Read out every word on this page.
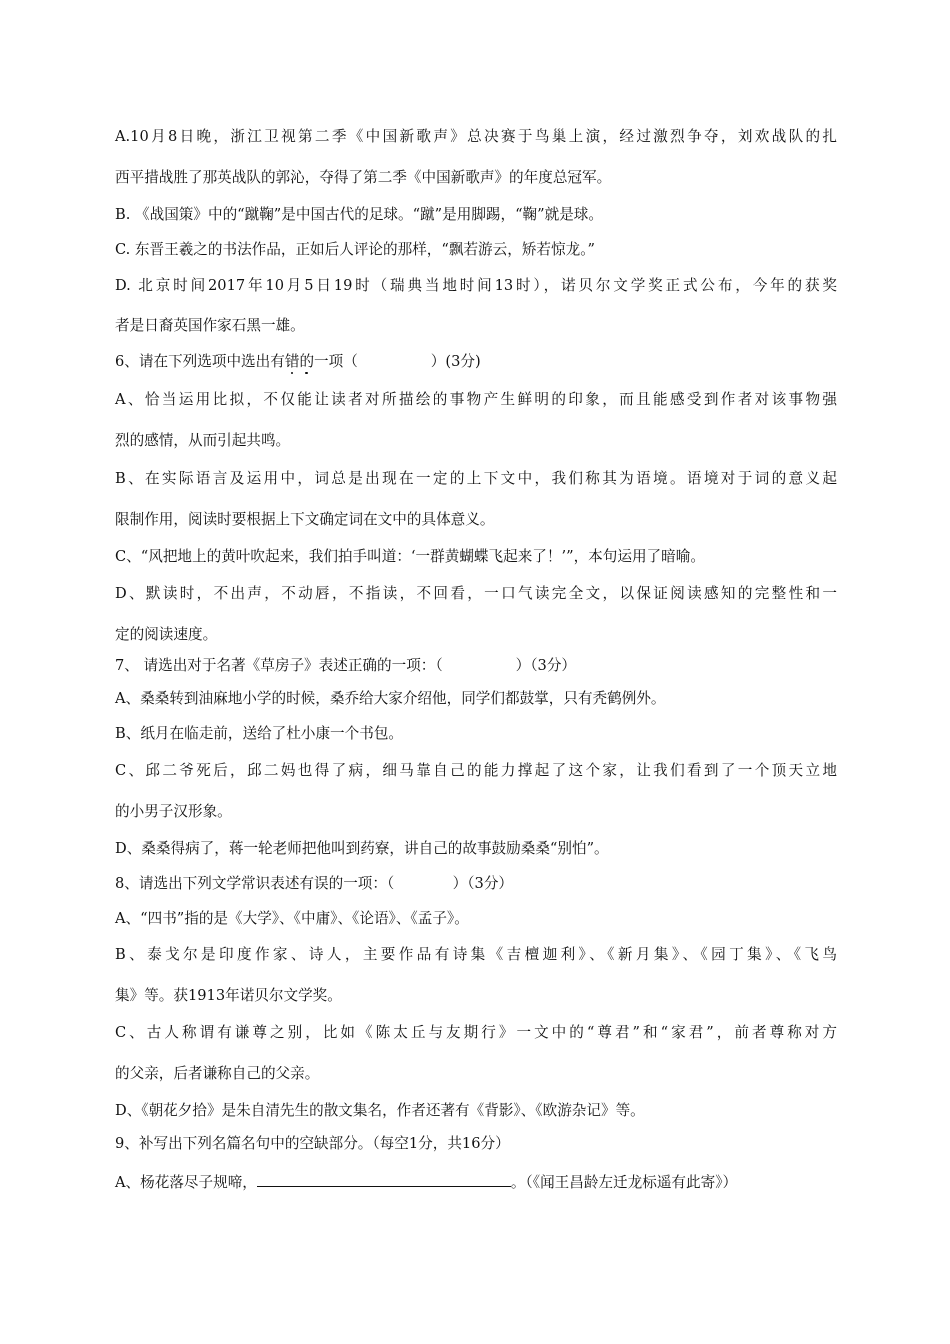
A.10月8日晚，浙江卫视第二季《中国新歌声》总决赛于鸟巢上演，经过激烈争夺，刘欢战队的扎
西平措战胜了那英战队的郭沁，夺得了第二季《中国新歌声》的年度总冠军。
B. 《战国策》中的“蹴鞠”是中国古代的足球。“蹴”是用脚踢，“鞠”就是球。
C. 东晋王羲之的书法作品，正如后人评论的那样，“飘若游云，矫若惊龙。”
D. 北京时间2017年10月5日19时（瑞典当地时间13时），诺贝尔文学奖正式公布，今年的获奖
者是日裔英国作家石黑一雄。
6、请在下列选项中选出有错的一项（　　　　　）(3分)
A、恰当运用比拟，不仅能让读者对所描绘的事物产生鲜明的印象，而且能感受到作者对该事物强
烈的感情，从而引起共鸣。
B、在实际语言及运用中，词总是出现在一定的上下文中，我们称其为语境。语境对于词的意义起
限制作用，阅读时要根据上下文确定词在文中的具体意义。
C、“风把地上的黄叶吹起来，我们拍手叫道：‘一群黄蝴蝶飞起来了！’”，本句运用了暗喻。
D、默读时，不出声，不动唇，不指读，不回看，一口气读完全文，以保证阅读感知的完整性和一
定的阅读速度。
7、 请选出对于名著《草房子》表述正确的一项：（　　　　　）（3分）
A、桑桑转到油麻地小学的时候，桑乔给大家介绍他，同学们都鼓掌，只有秃鹤例外。
B、纸月在临走前，送给了杜小康一个书包。
C、邱二爷死后，邱二妈也得了病，细马靠自己的能力撑起了这个家，让我们看到了一个顶天立地
的小男子汉形象。
D、桑桑得病了，蒋一轮老师把他叫到药寮，讲自己的故事鼓励桑桑“别怕”。
8、请选出下列文学常识表述有误的一项：（　　　　）（3分）
A、“四书”指的是《大学》、《中庸》、《论语》、《孟子》。
B、泰戈尔是印度作家、诗人，主要作品有诗集《吉檀迦利》、《新月集》、《园丁集》、《飞鸟
集》等。获1913年诺贝尔文学奖。
C、古人称谓有谦尊之别，比如《陈太丘与友期行》一文中的“尊君”和“家君”，前者尊称对方
的父亲，后者谦称自己的父亲。
D、《朝花夕拾》是朱自清先生的散文集名，作者还著有《背影》、《欧游杂记》等。
9、补写出下列名篇名句中的空缺部分。（每空1分，共16分）
A、杨花落尽子规啼，	。（《闻王昌龄左迁龙标遥有此寄》）
